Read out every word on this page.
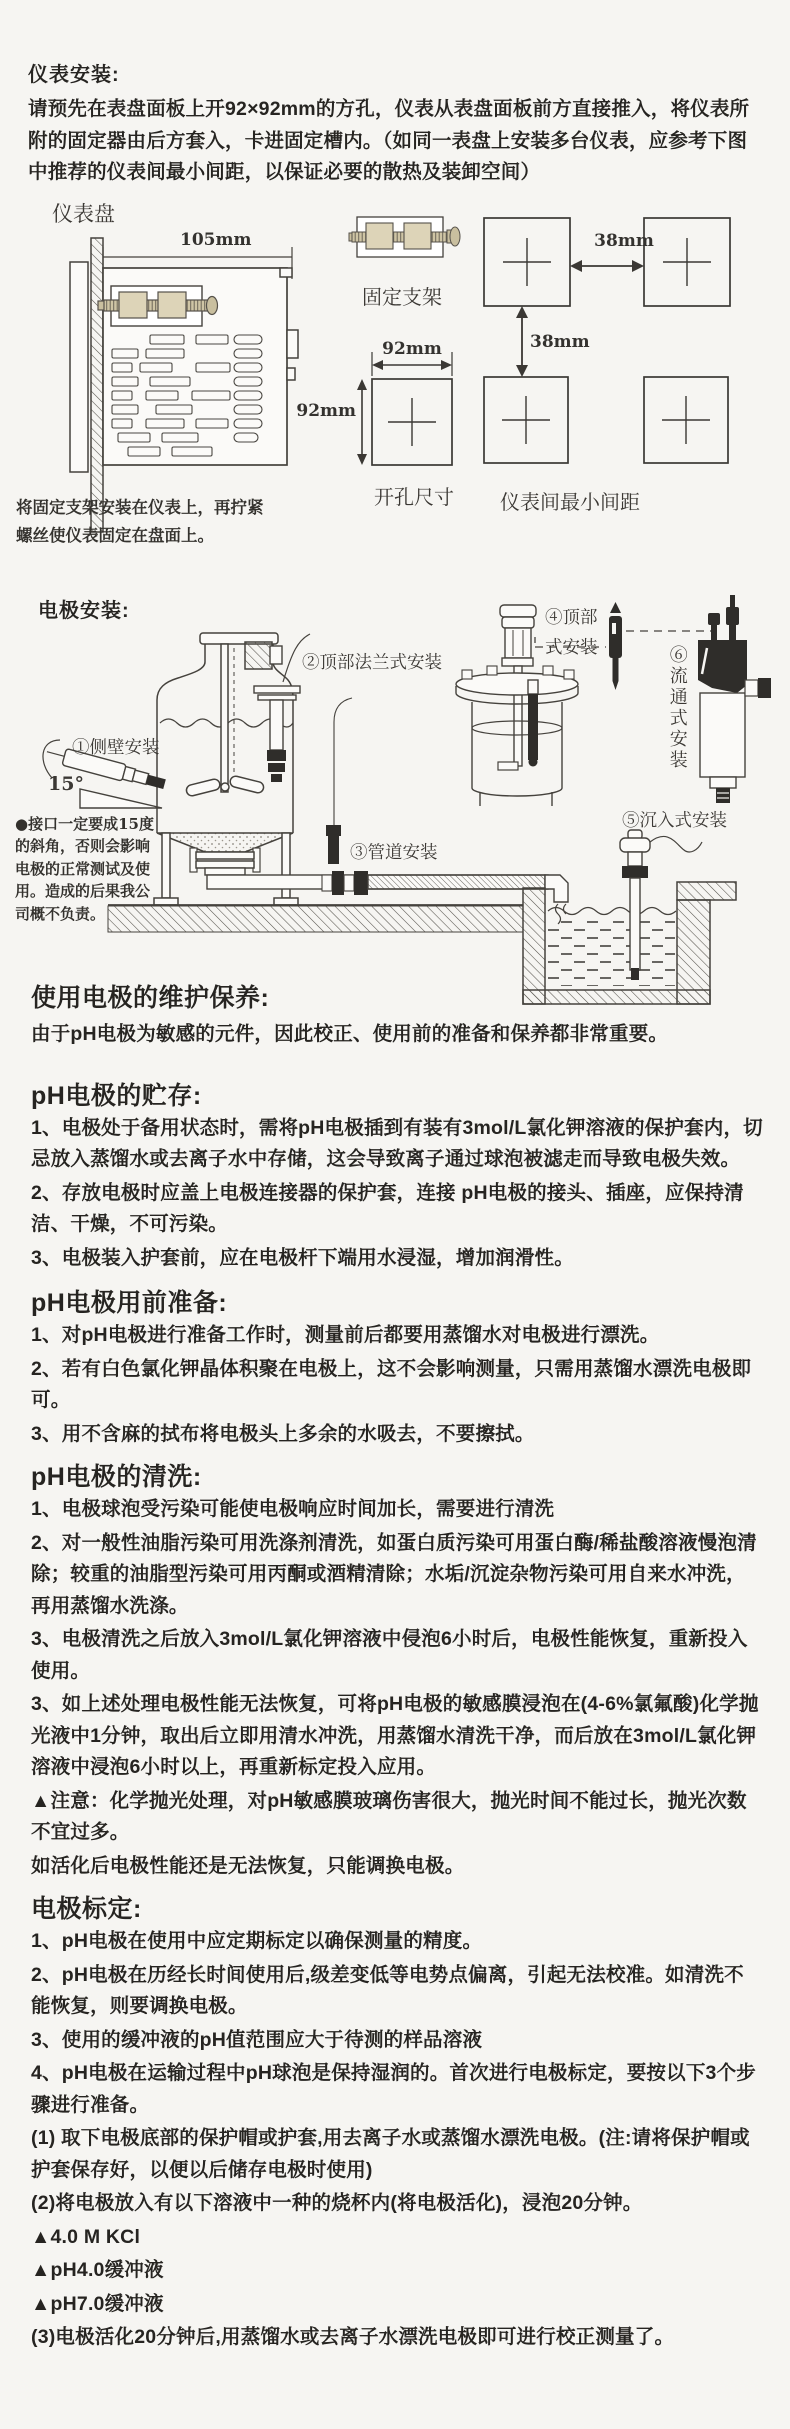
仪表安装:

请预先在表盘面板上开92×92mm的方孔，仪表从表盘面板前方直接推入，将仪表所附的固定器由后方套入，卡进固定槽内。（如同一表盘上安装多台仪表，应参考下图中推荐的仪表间最小间距，以保证必要的散热及装卸空间）

仪表盘
105mm
固定支架
92mm
92mm
38mm
38mm
开孔尺寸 仪表间最小间距
将固定支架安装在仪表上，再拧紧螺丝使仪表固定在盘面上。
电极安装:
①侧壁安装
15°
②顶部法兰式安装
③管道安装
④顶部式安装
⑤沉入式安装
⑥流通式安装
●接口一定要成15度的斜角，否则会影响电极的正常测试及使用。造成的后果我公司概不负责。
使用电极的维护保养:

由于pH电极为敏感的元件，因此校正、使用前的准备和保养都非常重要。

pH电极的贮存:

1、电极处于备用状态时，需将pH电极插到有装有3mol/L氯化钾溶液的保护套内，切忌放入蒸馏水或去离子水中存储，这会导致离子通过球泡被滤走而导致电极失效。

2、存放电极时应盖上电极连接器的保护套，连接 pH电极的接头、插座，应保持清洁、干燥，不可污染。

3、电极装入护套前，应在电极杆下端用水浸湿，增加润滑性。

pH电极用前准备:

1、对pH电极进行准备工作时，测量前后都要用蒸馏水对电极进行漂洗。

2、若有白色氯化钾晶体积聚在电极上，这不会影响测量，只需用蒸馏水漂洗电极即可。

3、用不含麻的拭布将电极头上多余的水吸去，不要擦拭。

pH电极的清洗:

1、电极球泡受污染可能使电极响应时间加长，需要进行清洗

2、对一般性油脂污染可用洗涤剂清洗，如蛋白质污染可用蛋白酶/稀盐酸溶液慢泡清除；较重的油脂型污染可用丙酮或酒精清除；水垢/沉淀杂物污染可用自来水冲洗，再用蒸馏水洗涤。

3、电极清洗之后放入3mol/L氯化钾溶液中侵泡6小时后，电极性能恢复，重新投入使用。

3、如上述处理电极性能无法恢复，可将pH电极的敏感膜浸泡在(4-6%氯氟酸)化学抛光液中1分钟，取出后立即用清水冲洗，用蒸馏水清洗干净，而后放在3mol/L氯化钾溶液中浸泡6小时以上，再重新标定投入应用。

▲注意：化学抛光处理，对pH敏感膜玻璃伤害很大，抛光时间不能过长，抛光次数不宜过多。

如活化后电极性能还是无法恢复，只能调换电极。

电极标定:

1、pH电极在使用中应定期标定以确保测量的精度。

2、pH电极在历经长时间使用后,级差变低等电势点偏离，引起无法校准。如清洗不能恢复，则要调换电极。

3、使用的缓冲液的pH值范围应大于待测的样品溶液

4、pH电极在运输过程中pH球泡是保持湿润的。首次进行电极标定，要按以下3个步骤进行准备。

(1) 取下电极底部的保护帽或护套,用去离子水或蒸馏水漂洗电极。(注:请将保护帽或护套保存好，以便以后储存电极时使用)

(2)将电极放入有以下溶液中一种的烧杯内(将电极活化)，浸泡20分钟。

▲4.0 M KCl

▲pH4.0缓冲液

▲pH7.0缓冲液

(3)电极活化20分钟后,用蒸馏水或去离子水漂洗电极即可进行校正测量了。
